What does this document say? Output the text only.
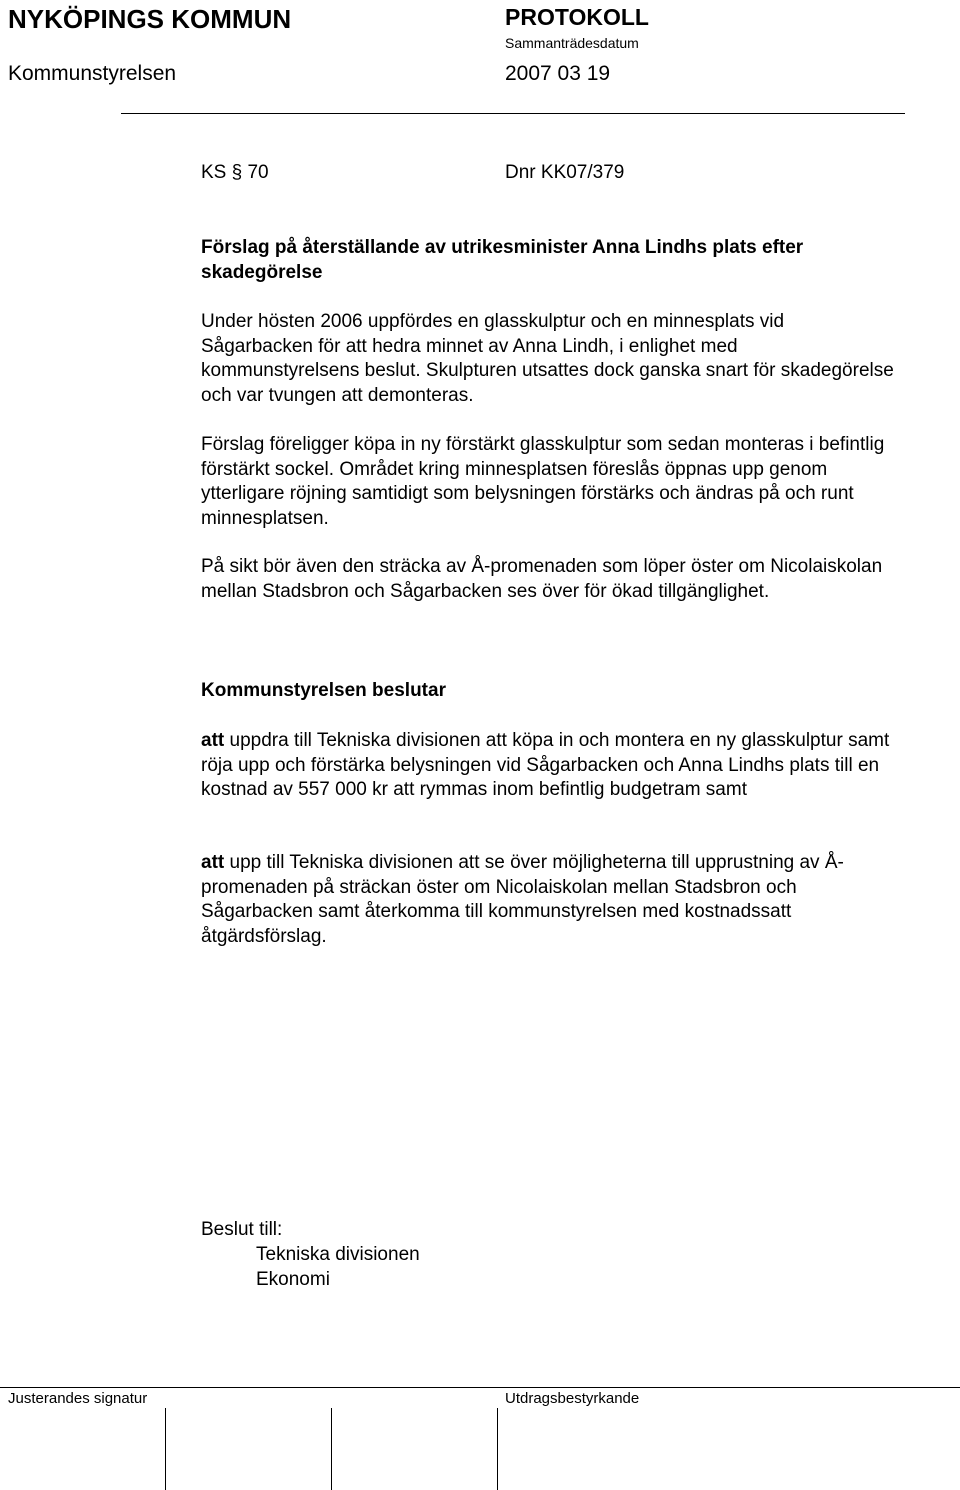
NYKÖPINGS KOMMUN	PROTOKOLL
Sammanträdesdatum
Kommunstyrelsen	2007 03 19
KS § 70	Dnr KK07/379
Förslag på återställande av utrikesminister Anna Lindhs plats efter skadegörelse

Under hösten 2006 uppfördes en glasskulptur och en minnesplats vid Sågarbacken för att hedra minnet av Anna Lindh, i enlighet med kommunstyrelsens beslut. Skulpturen utsattes dock ganska snart för skadegörelse och var tvungen att demonteras.

Förslag föreligger köpa in ny förstärkt glasskulptur som sedan monteras i befintlig förstärkt sockel. Området kring minnesplatsen föreslås öppnas upp genom ytterligare röjning samtidigt som belysningen förstärks och ändras på och runt minnesplatsen.

På sikt bör även den sträcka av Å-promenaden som löper öster om Nicolaiskolan mellan Stadsbron och Sågarbacken ses över för ökad tillgänglighet.

Kommunstyrelsen beslutar

att uppdra till Tekniska divisionen att köpa in och montera en ny glasskulptur samt röja upp och förstärka belysningen vid Sågarbacken och Anna Lindhs plats till en kostnad av 557 000 kr att rymmas inom befintlig budgetram samt

att upp till Tekniska divisionen att se över möjligheterna till upprustning av Å-promenaden på sträckan öster om Nicolaiskolan mellan Stadsbron och Sågarbacken samt återkomma till kommunstyrelsen med kostnadssatt åtgärdsförslag.

Beslut till:
Tekniska divisionen
Ekonomi
Justerandes signatur	Utdragsbestyrkande
